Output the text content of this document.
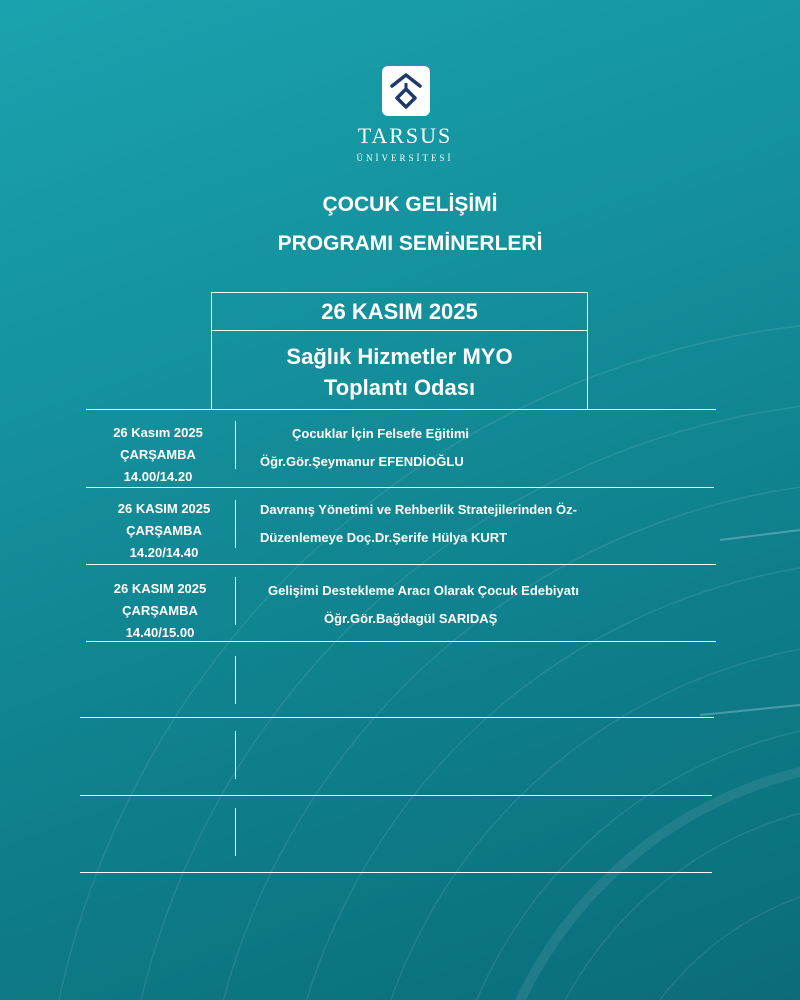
TARSUS
ÜNİVERSİTESİ
ÇOCUK GELİŞİMİ
PROGRAMI SEMİNERLERİ
26 KASIM 2025
Sağlık Hizmetler MYO
Toplantı Odası
26 Kasım 2025
ÇARŞAMBA
14.00/14.20
Çocuklar İçin Felsefe Eğitimi
Öğr.Gör.Şeymanur EFENDİOĞLU
26 KASIM 2025
ÇARŞAMBA
14.20/14.40
Davranış Yönetimi ve Rehberlik Stratejilerinden Öz-
Düzenlemeye Doç.Dr.Şerife Hülya KURT
26 KASIM 2025
ÇARŞAMBA
14.40/15.00
Gelişimi Destekleme Aracı Olarak Çocuk Edebiyatı
Öğr.Gör.Bağdagül SARIDAŞ
